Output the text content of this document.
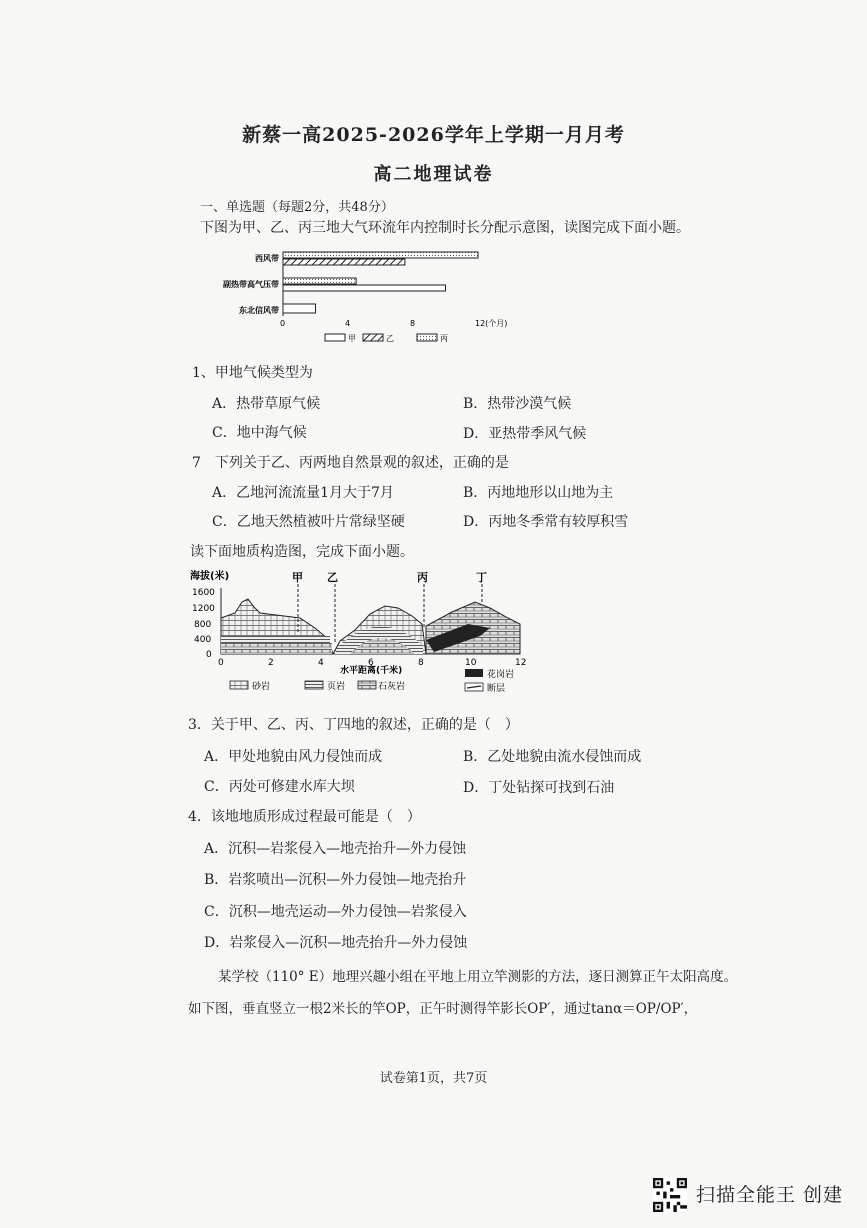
新蔡一高2025-2026学年上学期一月月考
高二地理试卷
一、单选题（每题2分，共48分）
下图为甲、乙、丙三地大气环流年内控制时长分配示意图，读图完成下面小题。
西风带
副热带高气压带
东北信风带
0	4	8	12(个月)
甲	乙	丙
1、甲地气候类型为
A．热带草原气候	B．热带沙漠气候
C．地中海气候	D．亚热带季风气候
7　下列关于乙、丙两地自然景观的叙述，正确的是
A．乙地河流流量1月大于7月	B．丙地地形以山地为主
C．乙地天然植被叶片常绿坚硬	D．丙地冬季常有较厚积雪
读下面地质构造图，完成下面小题。
海拔(米)
1600
1200
800
400
0
甲 乙	丙	丁
0	2	4	6	8	10	12
水平距离(千米)
砂岩	页岩	石灰岩
花岗岩
断层
3．关于甲、乙、丙、丁四地的叙述，正确的是（　）
A．甲处地貌由风力侵蚀而成	B．乙处地貌由流水侵蚀而成
C．丙处可修建水库大坝	D．丁处钻探可找到石油
4．该地地质形成过程最可能是（　）
A．沉积—岩浆侵入—地壳抬升—外力侵蚀
B．岩浆喷出—沉积—外力侵蚀—地壳抬升
C．沉积—地壳运动—外力侵蚀—岩浆侵入
D．岩浆侵入—沉积—地壳抬升—外力侵蚀
某学校（110° E）地理兴趣小组在平地上用立竿测影的方法，逐日测算正午太阳高度。
如下图，垂直竖立一根2米长的竿OP，正午时测得竿影长OP′，通过tanα＝OP/OP′，
试卷第1页，共7页
扫描全能王 创建
